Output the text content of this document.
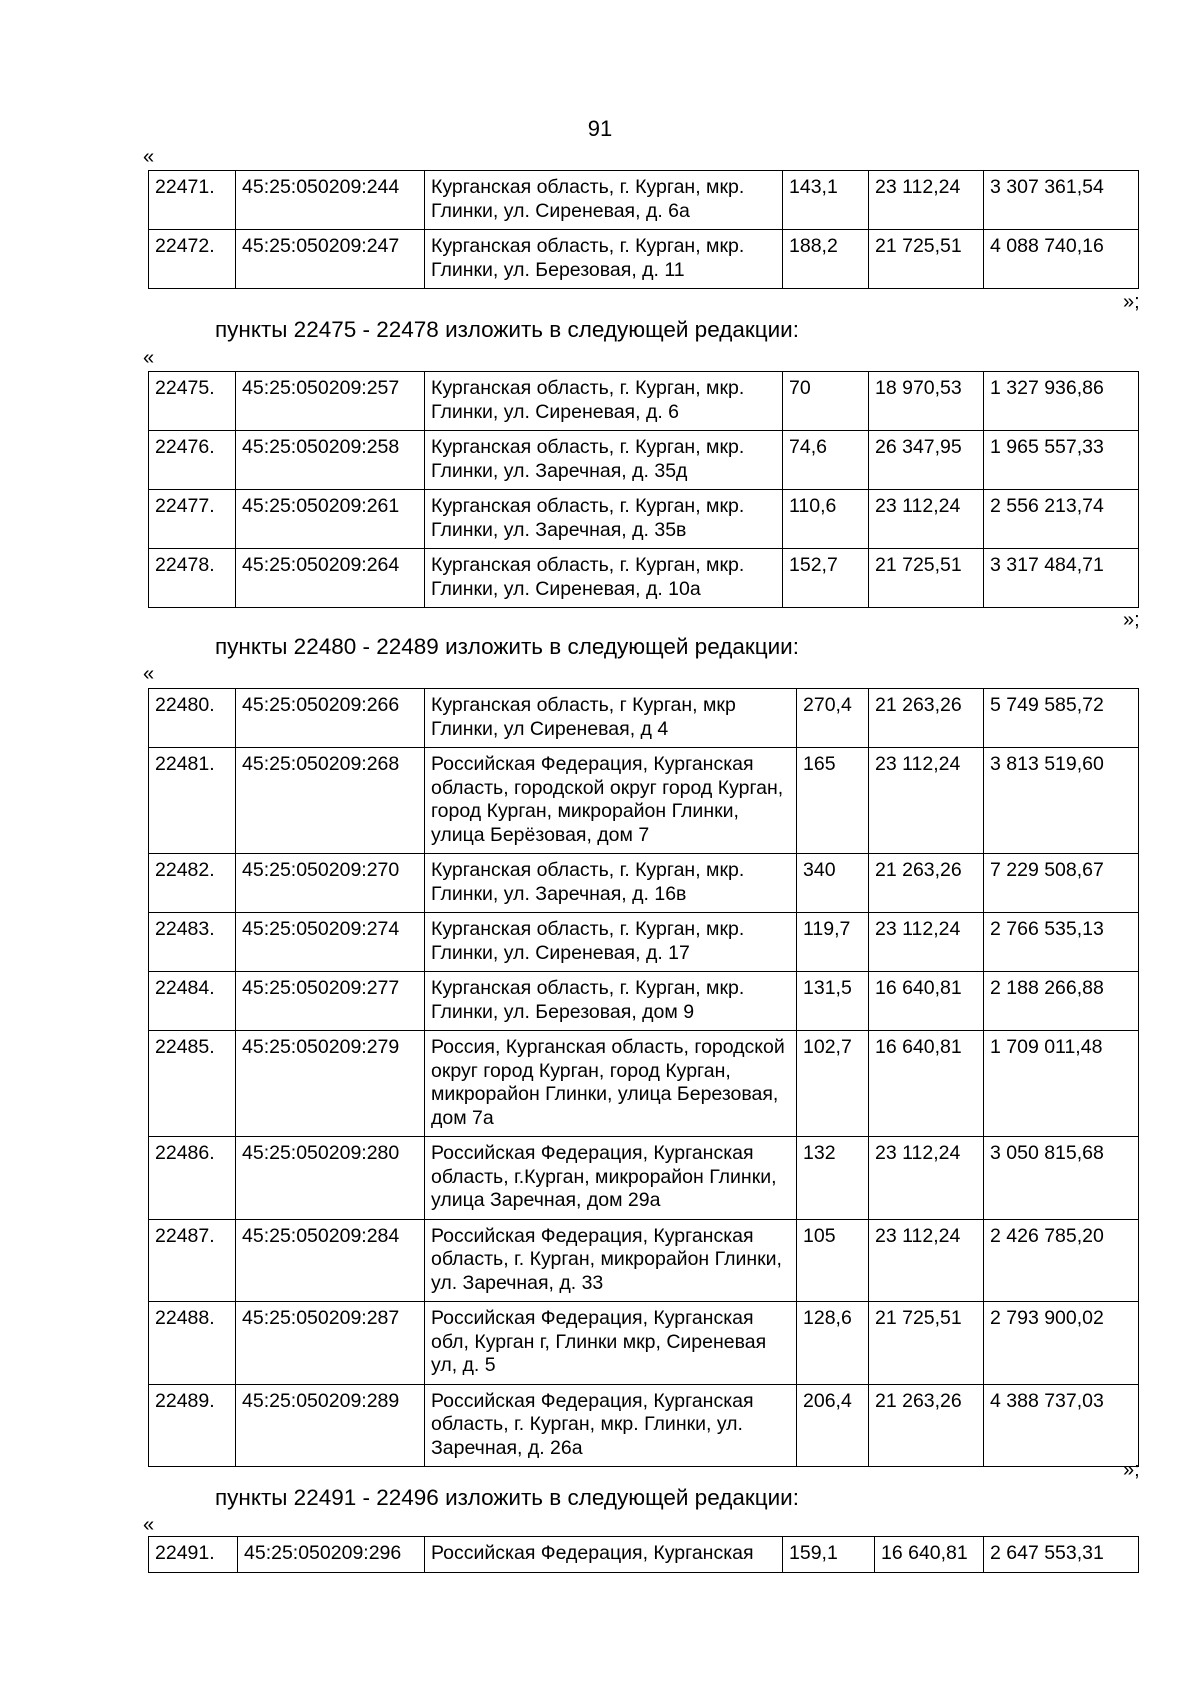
91
«
22471.	45:25:050209:244	Курганская область, г. Курган, мкр. Глинки, ул. Сиреневая, д. 6а	143,1	23 112,24	3 307 361,54
22472.	45:25:050209:247	Курганская область, г. Курган, мкр. Глинки, ул. Березовая, д. 11	188,2	21 725,51	4 088 740,16
»;
пункты 22475 - 22478 изложить в следующей редакции:
«
22475.	45:25:050209:257	Курганская область, г. Курган, мкр. Глинки, ул. Сиреневая, д. 6	70	18 970,53	1 327 936,86
22476.	45:25:050209:258	Курганская область, г. Курган, мкр. Глинки, ул. Заречная, д. 35д	74,6	26 347,95	1 965 557,33
22477.	45:25:050209:261	Курганская область, г. Курган, мкр. Глинки, ул. Заречная, д. 35в	110,6	23 112,24	2 556 213,74
22478.	45:25:050209:264	Курганская область, г. Курган, мкр. Глинки, ул. Сиреневая, д. 10а	152,7	21 725,51	3 317 484,71
»;
пункты 22480 - 22489 изложить в следующей редакции:
«
22480.	45:25:050209:266	Курганская область, г Курган, мкр Глинки, ул Сиреневая, д 4	270,4	21 263,26	5 749 585,72
22481.	45:25:050209:268	Российская Федерация, Курганская область, городской округ город Курган, город Курган, микрорайон Глинки, улица Берёзовая, дом 7	165	23 112,24	3 813 519,60
22482.	45:25:050209:270	Курганская область, г. Курган, мкр. Глинки, ул. Заречная, д. 16в	340	21 263,26	7 229 508,67
22483.	45:25:050209:274	Курганская область, г. Курган, мкр. Глинки, ул. Сиреневая, д. 17	119,7	23 112,24	2 766 535,13
22484.	45:25:050209:277	Курганская область, г. Курган, мкр. Глинки, ул. Березовая, дом 9	131,5	16 640,81	2 188 266,88
22485.	45:25:050209:279	Россия, Курганская область, городской округ город Курган, город Курган, микрорайон Глинки, улица Березовая, дом 7а	102,7	16 640,81	1 709 011,48
22486.	45:25:050209:280	Российская Федерация, Курганская область, г.Курган, микрорайон Глинки, улица Заречная, дом 29а	132	23 112,24	3 050 815,68
22487.	45:25:050209:284	Российская Федерация, Курганская область, г. Курган, микрорайон Глинки, ул. Заречная, д. 33	105	23 112,24	2 426 785,20
22488.	45:25:050209:287	Российская Федерация, Курганская обл, Курган г, Глинки мкр, Сиреневая ул, д. 5	128,6	21 725,51	2 793 900,02
22489.	45:25:050209:289	Российская Федерация, Курганская область, г. Курган, мкр. Глинки, ул. Заречная, д. 26а	206,4	21 263,26	4 388 737,03
»;
пункты 22491 - 22496 изложить в следующей редакции:
«
22491.	45:25:050209:296	Российская Федерация, Курганская	159,1	16 640,81	2 647 553,31
